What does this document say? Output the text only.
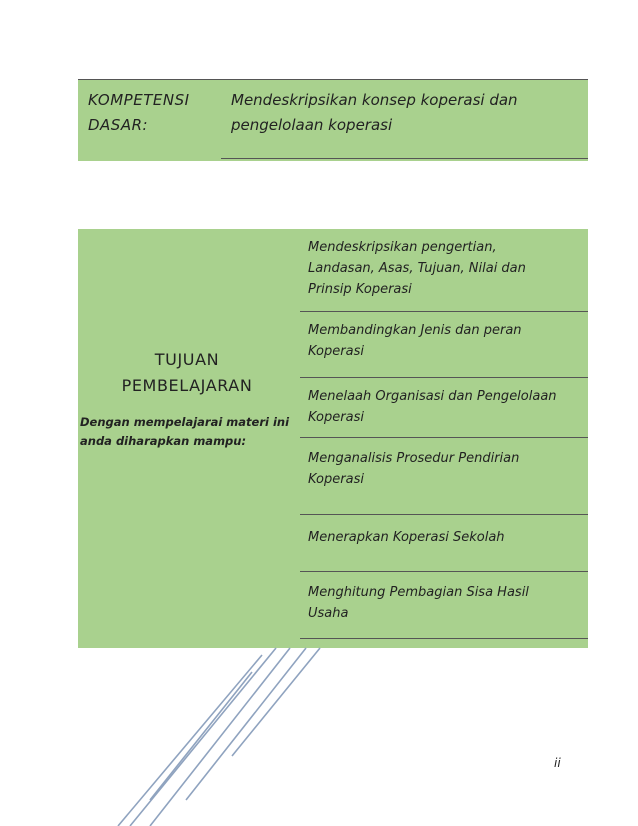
KOMPETENSI
DASAR:
Mendeskripsikan konsep koperasi dan
pengelolaan koperasi
TUJUAN
PEMBELAJARAN
Dengan mempelajarai materi ini
anda diharapkan mampu:
Mendeskripsikan pengertian,
Landasan, Asas, Tujuan, Nilai dan
Prinsip Koperasi
Membandingkan Jenis dan peran
Koperasi
Menelaah Organisasi dan Pengelolaan
Koperasi
Menganalisis Prosedur Pendirian
Koperasi
Menerapkan Koperasi Sekolah
Menghitung Pembagian Sisa Hasil
Usaha
ii
